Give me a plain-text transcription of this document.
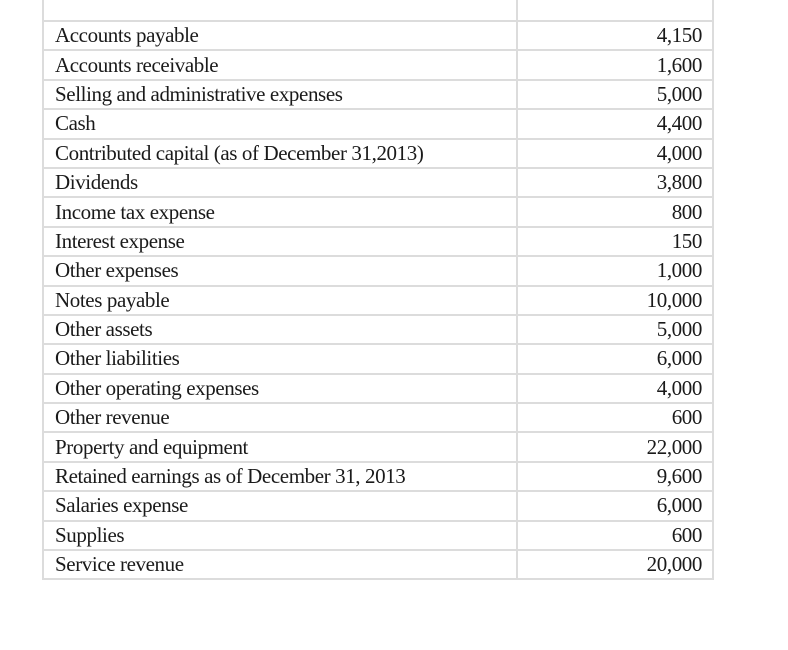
Accounts payable	4,150
Accounts receivable	1,600
Selling and administrative expenses	5,000
Cash	4,400
Contributed capital (as of December 31,2013)	4,000
Dividends	3,800
Income tax expense	800
Interest expense	150
Other expenses	1,000
Notes payable	10,000
Other assets	5,000
Other liabilities	6,000
Other operating expenses	4,000
Other revenue	600
Property and equipment	22,000
Retained earnings as of December 31, 2013	9,600
Salaries expense	6,000
Supplies	600
Service revenue	20,000
